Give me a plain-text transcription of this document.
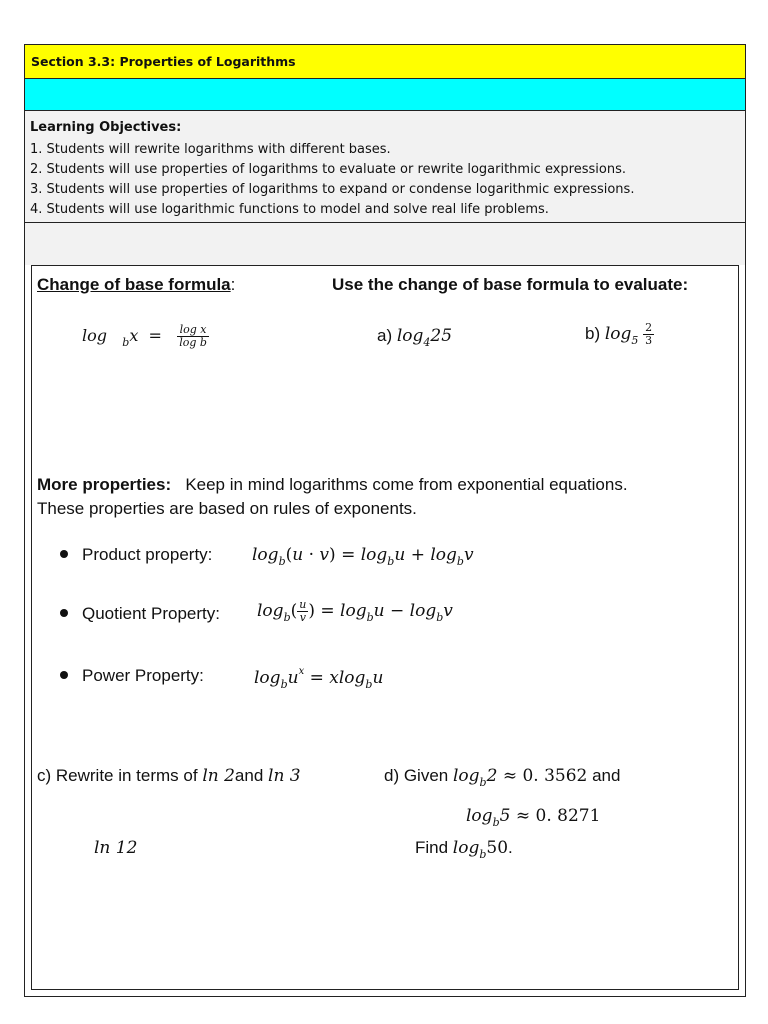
Section 3.3: Properties of Logarithms
Learning Objectives:
1. Students will rewrite logarithms with different bases.
2. Students will use properties of logarithms to evaluate or rewrite logarithmic expressions.
3. Students will use properties of logarithms to expand or condense logarithmic expressions.
4. Students will use logarithmic functions to model and solve real life problems.
Change of base formula:	Use the change of base formula to evaluate:
$\log _bx = \frac{\text{log x}}{\text{log b}}$	a) $\log_425$	b) $\log_5 \frac{2}{3}$
More properties: Keep in mind logarithms come from exponential equations.
These properties are based on rules of exponents.
Product property: $\log_b(u \cdot v) = \log_bu + \log_bv$
Quotient Property: $\log_b( \frac{u}{v}$ ) = $\log_bu - \log_bv$
Power Property:	$\log_bu^x = xlog_bu$
c) Rewrite in terms of ln 2and ln 3
ln 12
d) Given $\log_b2 \approx 0$. 3562 and
$\log_b5 \approx 0$. 8271
Find $\log_b50$.
